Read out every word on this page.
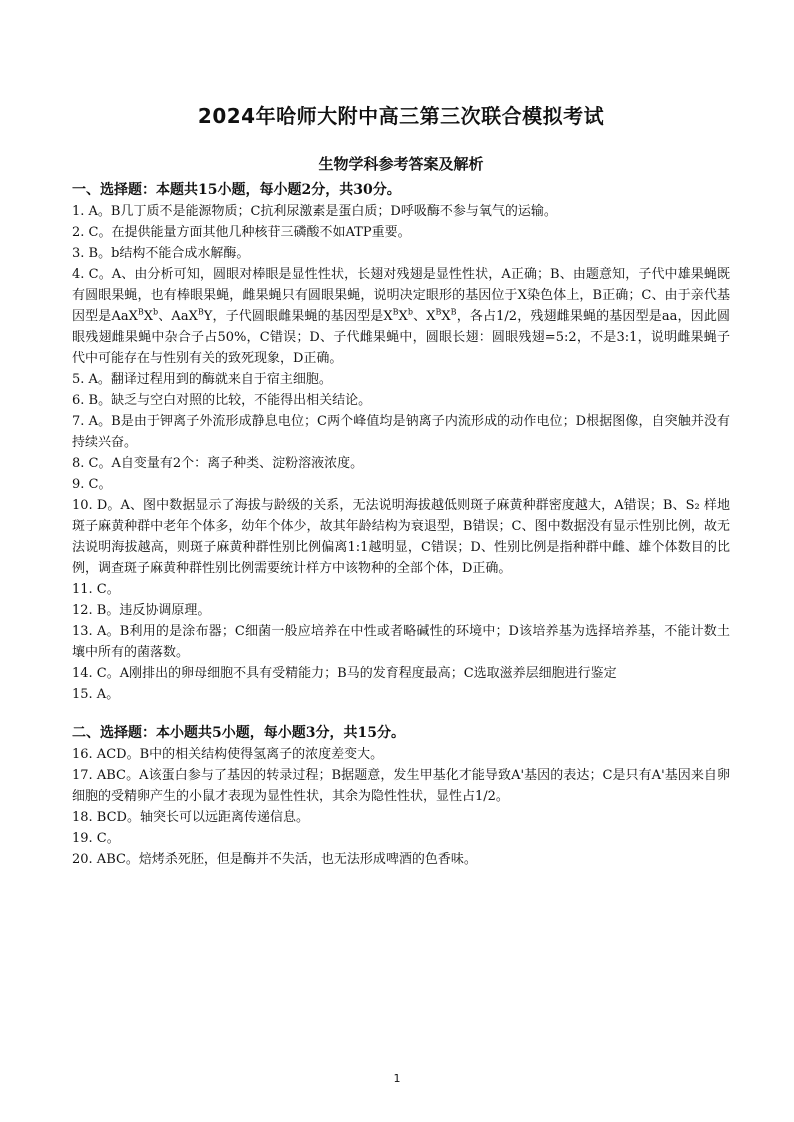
2024年哈师大附中高三第三次联合模拟考试
生物学科参考答案及解析

一、选择题：本题共15小题，每小题2分，共30分。

1. A。B几丁质不是能源物质；C抗利尿激素是蛋白质；D呼吸酶不参与氧气的运输。

2. C。在提供能量方面其他几种核苷三磷酸不如ATP重要。

3. B。b结构不能合成水解酶。

4. C。A、由分析可知，圆眼对棒眼是显性性状，长翅对残翅是显性性状，A正确；B、由题意知，子代中雄果蝇既有圆眼果蝇，也有棒眼果蝇，雌果蝇只有圆眼果蝇，说明决定眼形的基因位于X染色体上，B正确；C、由于亲代基因型是$AaX^BX^b$、AaX$^B$Y，子代圆眼雌果蝇的基因型是$X^BX^b$、$X^BX^B$，各占1/2，残翅雌果蝇的基因型是aa，因此圆眼残翅雌果蝇中杂合子占50%，C错误；D、子代雌果蝇中，圆眼长翅：圆眼残翅=5:2，不是3:1，说明雌果蝇子代中可能存在与性别有关的致死现象，D正确。

5. A。翻译过程用到的酶就来自于宿主细胞。

6. B。缺乏与空白对照的比较，不能得出相关结论。

7. A。B是由于钾离子外流形成静息电位；C两个峰值均是钠离子内流形成的动作电位；D根据图像，自突触并没有持续兴奋。

8. C。A自变量有2个：离子种类、淀粉溶液浓度。

9. C。

10. D。A、图中数据显示了海拔与龄级的关系，无法说明海拔越低则斑子麻黄种群密度越大，A错误；B、S₂ 样地斑子麻黄种群中老年个体多，幼年个体少，故其年龄结构为衰退型，B错误；C、图中数据没有显示性别比例，故无法说明海拔越高，则斑子麻黄种群性别比例偏离1:1越明显，C错误；D、性别比例是指种群中雌、雄个体数目的比例，调查斑子麻黄种群性别比例需要统计样方中该物种的全部个体，D正确。

11. C。

12. B。违反协调原理。

13. A。B利用的是涂布器；C细菌一般应培养在中性或者略碱性的环境中；D该培养基为选择培养基，不能计数土壤中所有的菌落数。

14. C。A刚排出的卵母细胞不具有受精能力；B马的发育程度最高；C选取滋养层细胞进行鉴定

15. A。

二、选择题：本小题共5小题，每小题3分，共15分。

16. ACD。B中的相关结构使得氢离子的浓度差变大。

17. ABC。A该蛋白参与了基因的转录过程；B据题意，发生甲基化才能导致A'基因的表达；C是只有A'基因来自卵细胞的受精卵产生的小鼠才表现为显性性状，其余为隐性性状，显性占1/2。

18. BCD。轴突长可以远距离传递信息。

19. C。

20. ABC。焙烤杀死胚，但是酶并不失活，也无法形成啤酒的色香味。

1
